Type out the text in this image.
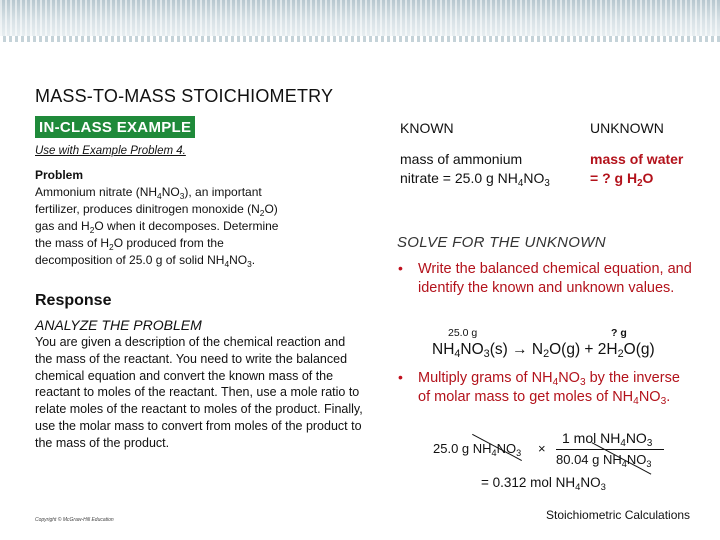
MASS-TO-MASS STOICHIOMETRY
IN-CLASS EXAMPLE
Use with Example Problem 4.
Problem
Ammonium nitrate $(NH_4NO_3)$, an important
fertilizer, produces dinitrogen monoxide $(N_2O)$
gas and $H_2O$ when it decomposes. Determine
the mass of $H_2O$ produced from the
decomposition of 25.0 g of solid $NH_4NO_3$.
Response
ANALYZE THE PROBLEM
You are given a description of the chemical reaction and the mass of the reactant. You need to write the balanced chemical equation and convert the known mass of the reactant to moles of the reactant. Then, use a mole ratio to relate moles of the reactant to moles of the product. Finally, use the molar mass to convert from moles of the product to the mass of the product.
Copyright © McGraw-Hill Education
KNOWN	UNKNOWN
mass of ammonium
nitrate = 25.0 g $NH_4NO_3$
mass of water
= ? g $H_2O$
SOLVE FOR THE UNKNOWN
• Write the balanced chemical equation, and identify the known and unknown values.
25.0 g	? g
$NH_4NO_3(s) \to N_2O(g) + 2H_2O(g)$
• Multiply grams of $NH_4NO_3$ by the inverse of molar mass to get moles of $NH_4NO_3$.
25.0 g $NH_4NO_3$ ×
1 mol $NH_4NO_3$
80.04 g $NH_4NO_3$
= 0.312 mol $NH_4NO_3$
Stoichiometric Calculations
